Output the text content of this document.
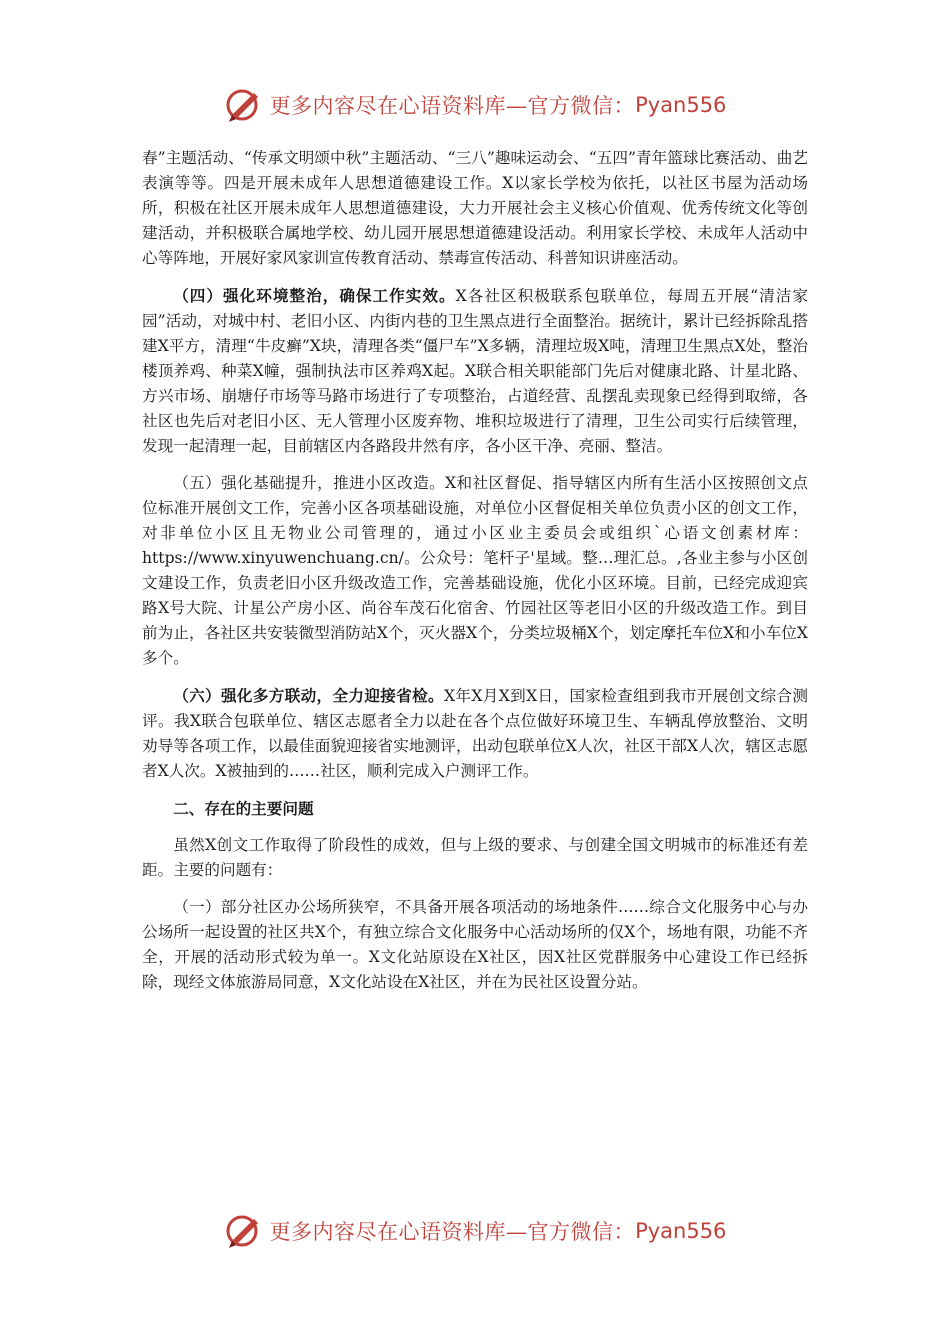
更多内容尽在心语资料库—官方微信： Pyan556

春”主题活动、“传承文明颂中秋”主题活动、“三八”趣味运动会、“五四”青年篮球比赛活动、曲艺表演等等。四是开展未成年人思想道德建设工作。X以家长学校为依托，以社区书屋为活动场所，积极在社区开展未成年人思想道德建设，大力开展社会主义核心价值观、优秀传统文化等创建活动，并积极联合属地学校、幼儿园开展思想道德建设活动。利用家长学校、未成年人活动中心等阵地，开展好家风家训宣传教育活动、禁毒宣传活动、科普知识讲座活动。

（四）强化环境整治，确保工作实效。X各社区积极联系包联单位，每周五开展“清洁家园”活动，对城中村、老旧小区、内街内巷的卫生黑点进行全面整治。据统计，累计已经拆除乱搭建X平方，清理“牛皮癣”X块，清理各类“僵尸车”X多辆，清理垃圾X吨，清理卫生黑点X处，整治楼顶养鸡、种菜X幢，强制执法市区养鸡X起。X联合相关职能部门先后对健康北路、计星北路、方兴市场、崩塘仔市场等马路市场进行了专项整治，占道经营、乱摆乱卖现象已经得到取缔，各社区也先后对老旧小区、无人管理小区废弃物、堆积垃圾进行了清理，卫生公司实行后续管理，发现一起清理一起，目前辖区内各路段井然有序，各小区干净、亮丽、整洁。

（五）强化基础提升，推进小区改造。X和社区督促、指导辖区内所有生活小区按照创文点位标准开展创文工作，完善小区各项基础设施，对单位小区督促相关单位负责小区的创文工作，对非单位小区且无物业公司管理的，通过小区业主委员会或组织`心语文创素材库：https://www.xinyuwenchuang.cn/。公众号：笔杆子'星域。整…理汇总。,各业主参与小区创文建设工作，负责老旧小区升级改造工作，完善基础设施，优化小区环境。目前，已经完成迎宾路X号大院、计星公产房小区、尚谷车茂石化宿舍、竹园社区等老旧小区的升级改造工作。到目前为止，各社区共安装微型消防站X个，灭火器X个，分类垃圾桶X个，划定摩托车位X和小车位X多个。

（六）强化多方联动，全力迎接省检。X年X月X到X日，国家检查组到我市开展创文综合测评。我X联合包联单位、辖区志愿者全力以赴在各个点位做好环境卫生、车辆乱停放整治、文明劝导等各项工作，以最佳面貌迎接省实地测评，出动包联单位X人次，社区干部X人次，辖区志愿者X人次。X被抽到的……社区，顺利完成入户测评工作。

二、存在的主要问题

虽然X创文工作取得了阶段性的成效，但与上级的要求、与创建全国文明城市的标准还有差距。主要的问题有：

（一）部分社区办公场所狭窄，不具备开展各项活动的场地条件……综合文化服务中心与办公场所一起设置的社区共X个，有独立综合文化服务中心活动场所的仅X个，场地有限，功能不齐全，开展的活动形式较为单一。X文化站原设在X社区，因X社区党群服务中心建设工作已经拆除，现经文体旅游局同意，X文化站设在X社区，并在为民社区设置分站。

更多内容尽在心语资料库—官方微信： Pyan556
